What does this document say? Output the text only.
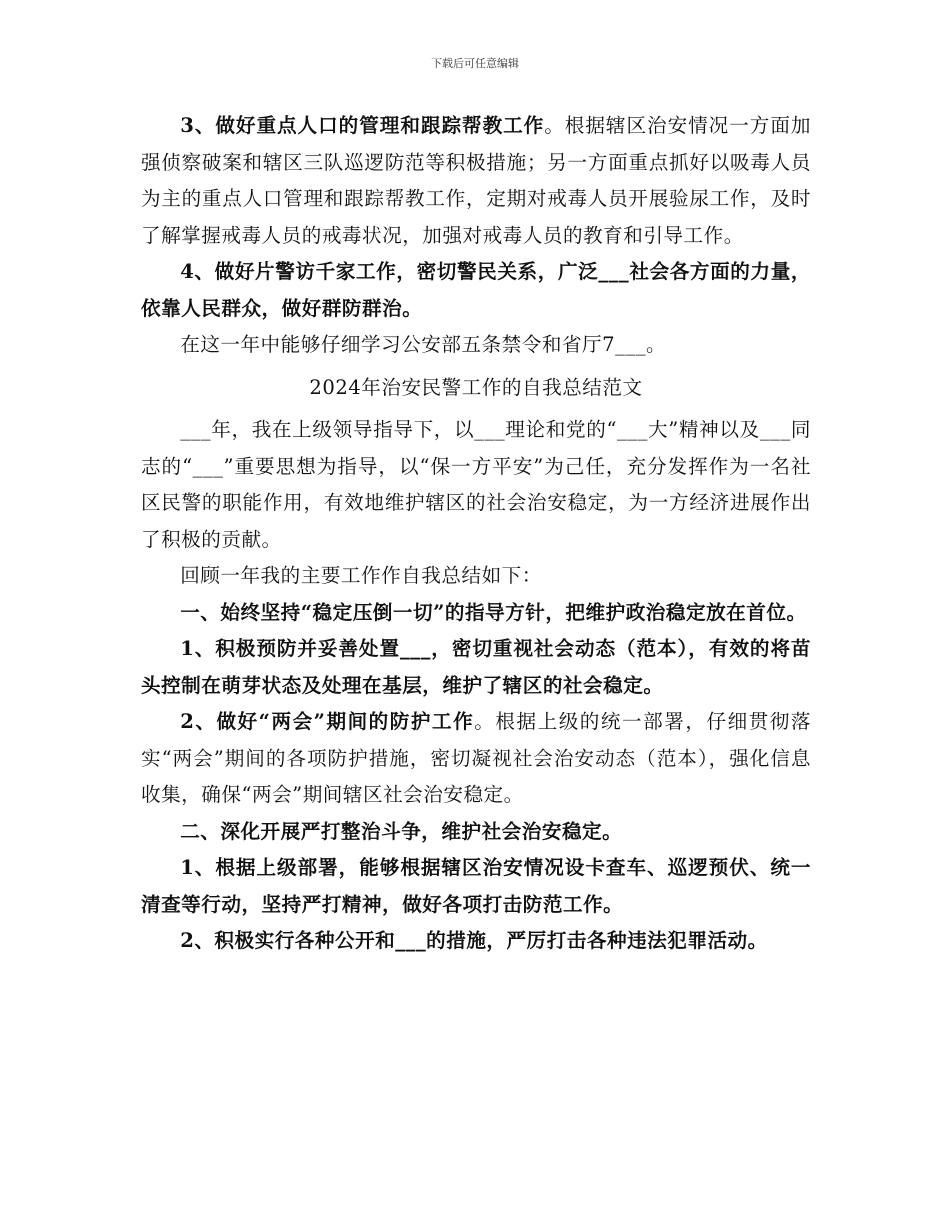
下载后可任意编辑

3、做好重点人口的管理和跟踪帮教工作。根据辖区治安情况一方面加强侦察破案和辖区三队巡逻防范等积极措施；另一方面重点抓好以吸毒人员为主的重点人口管理和跟踪帮教工作，定期对戒毒人员开展验尿工作，及时了解掌握戒毒人员的戒毒状况，加强对戒毒人员的教育和引导工作。

4、做好片警访千家工作，密切警民关系，广泛___社会各方面的力量，依靠人民群众，做好群防群治。

在这一年中能够仔细学习公安部五条禁令和省厅7___。

2024年治安民警工作的自我总结范文

___年，我在上级领导指导下，以___理论和党的“___大”精神以及___同志的“___”重要思想为指导，以“保一方平安”为己任，充分发挥作为一名社区民警的职能作用，有效地维护辖区的社会治安稳定，为一方经济进展作出了积极的贡献。

回顾一年我的主要工作作自我总结如下：

一、始终坚持“稳定压倒一切”的指导方针，把维护政治稳定放在首位。

1、积极预防并妥善处置___，密切重视社会动态（范本），有效的将苗头控制在萌芽状态及处理在基层，维护了辖区的社会稳定。

2、做好“两会”期间的防护工作。根据上级的统一部署，仔细贯彻落实“两会”期间的各项防护措施，密切凝视社会治安动态（范本），强化信息收集，确保“两会”期间辖区社会治安稳定。

二、深化开展严打整治斗争，维护社会治安稳定。

1、根据上级部署，能够根据辖区治安情况设卡查车、巡逻预伏、统一清查等行动，坚持严打精神，做好各项打击防范工作。

2、积极实行各种公开和___的措施，严厉打击各种违法犯罪活动。
